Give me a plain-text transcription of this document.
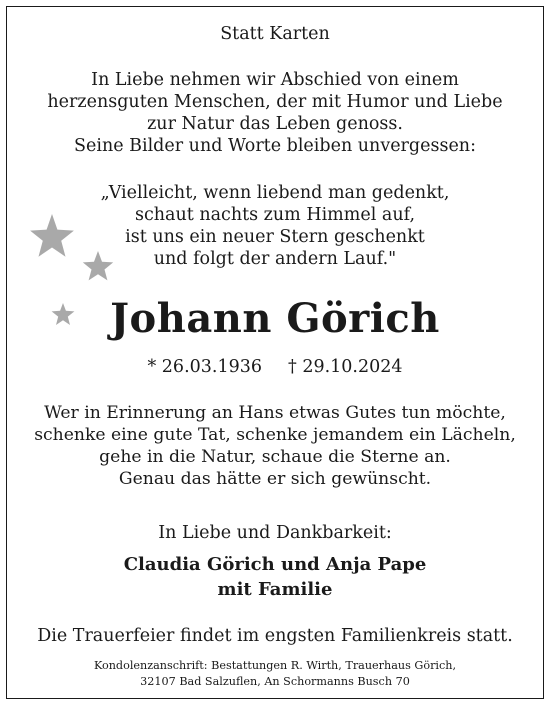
Statt Karten
In Liebe nehmen wir Abschied von einem
herzensguten Menschen, der mit Humor und Liebe
zur Natur das Leben genoss.
Seine Bilder und Worte bleiben unvergessen:
„Vielleicht, wenn liebend man gedenkt,
schaut nachts zum Himmel auf,
ist uns ein neuer Stern geschenkt
und folgt der andern Lauf."
Johann Görich
* 26.03.1936 † 29.10.2024
Wer in Erinnerung an Hans etwas Gutes tun möchte,
schenke eine gute Tat, schenke jemandem ein Lächeln,
gehe in die Natur, schaue die Sterne an.
Genau das hätte er sich gewünscht.
In Liebe und Dankbarkeit:
Claudia Görich und Anja Pape
mit Familie
Die Trauerfeier findet im engsten Familienkreis statt.
Kondolenzanschrift: Bestattungen R. Wirth, Trauerhaus Görich,
32107 Bad Salzuflen, An Schormanns Busch 70
